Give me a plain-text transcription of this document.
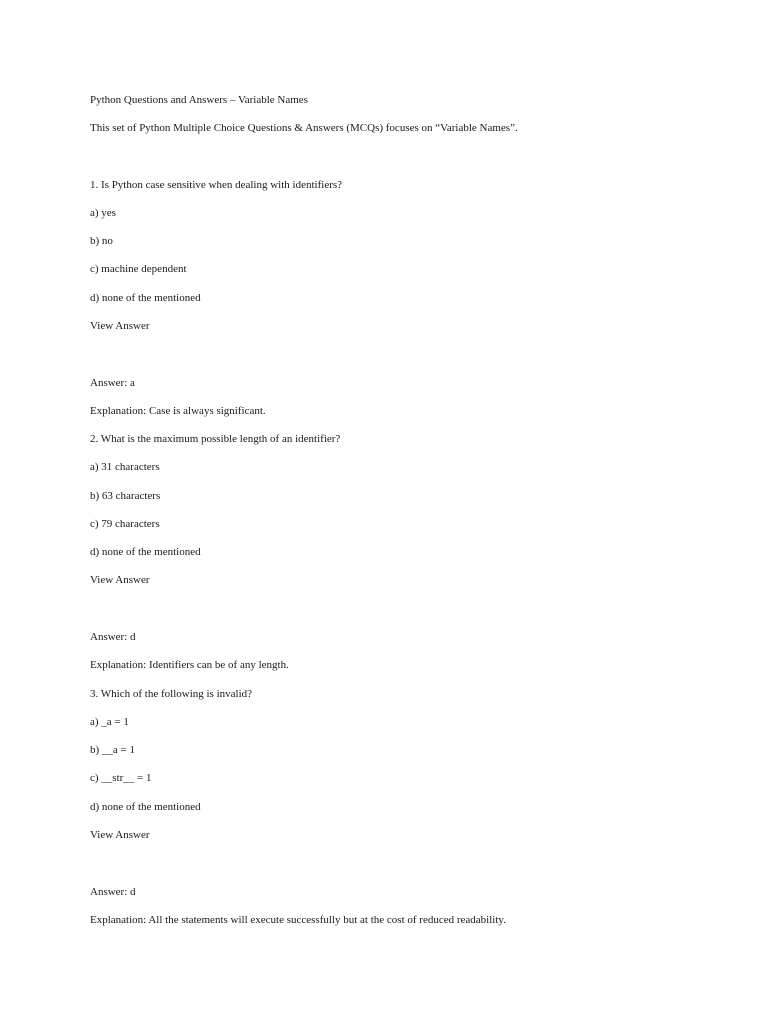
Python Questions and Answers – Variable Names
This set of Python Multiple Choice Questions & Answers (MCQs) focuses on “Variable Names”.
1. Is Python case sensitive when dealing with identifiers?
a) yes
b) no
c) machine dependent
d) none of the mentioned
View Answer
Answer: a
Explanation: Case is always significant.
2. What is the maximum possible length of an identifier?
a) 31 characters
b) 63 characters
c) 79 characters
d) none of the mentioned
View Answer
Answer: d
Explanation: Identifiers can be of any length.
3. Which of the following is invalid?
a) _a = 1
b) __a = 1
c) __str__ = 1
d) none of the mentioned
View Answer
Answer: d
Explanation: All the statements will execute successfully but at the cost of reduced readability.
